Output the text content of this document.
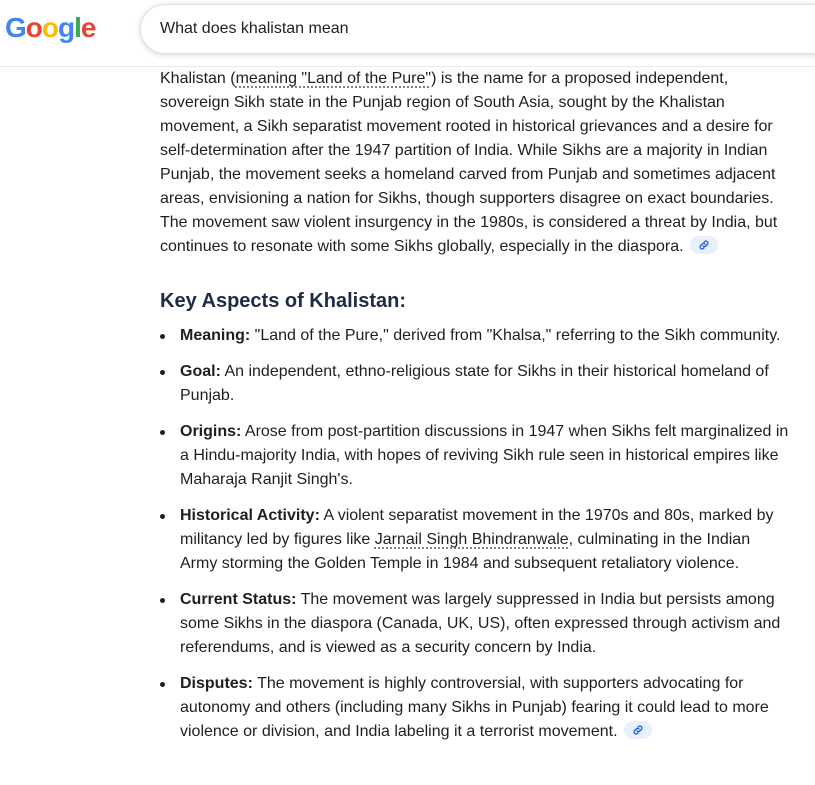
Google
What does khalistan mean

Khalistan (meaning "Land of the Pure") is the name for a proposed independent, sovereign Sikh state in the Punjab region of South Asia, sought by the Khalistan movement, a Sikh separatist movement rooted in historical grievances and a desire for self-determination after the 1947 partition of India. While Sikhs are a majority in Indian Punjab, the movement seeks a homeland carved from Punjab and sometimes adjacent areas, envisioning a nation for Sikhs, though supporters disagree on exact boundaries. The movement saw violent insurgency in the 1980s, is considered a threat by India, but continues to resonate with some Sikhs globally, especially in the diaspora.

Key Aspects of Khalistan:
Meaning: "Land of the Pure," derived from "Khalsa," referring to the Sikh community.
Goal: An independent, ethno-religious state for Sikhs in their historical homeland of Punjab.
Origins: Arose from post-partition discussions in 1947 when Sikhs felt marginalized in a Hindu-majority India, with hopes of reviving Sikh rule seen in historical empires like Maharaja Ranjit Singh's.
Historical Activity: A violent separatist movement in the 1970s and 80s, marked by militancy led by figures like Jarnail Singh Bhindranwale, culminating in the Indian Army storming the Golden Temple in 1984 and subsequent retaliatory violence.
Current Status: The movement was largely suppressed in India but persists among some Sikhs in the diaspora (Canada, UK, US), often expressed through activism and referendums, and is viewed as a security concern by India.
Disputes: The movement is highly controversial, with supporters advocating for autonomy and others (including many Sikhs in Punjab) fearing it could lead to more violence or division, and India labeling it a terrorist movement.
